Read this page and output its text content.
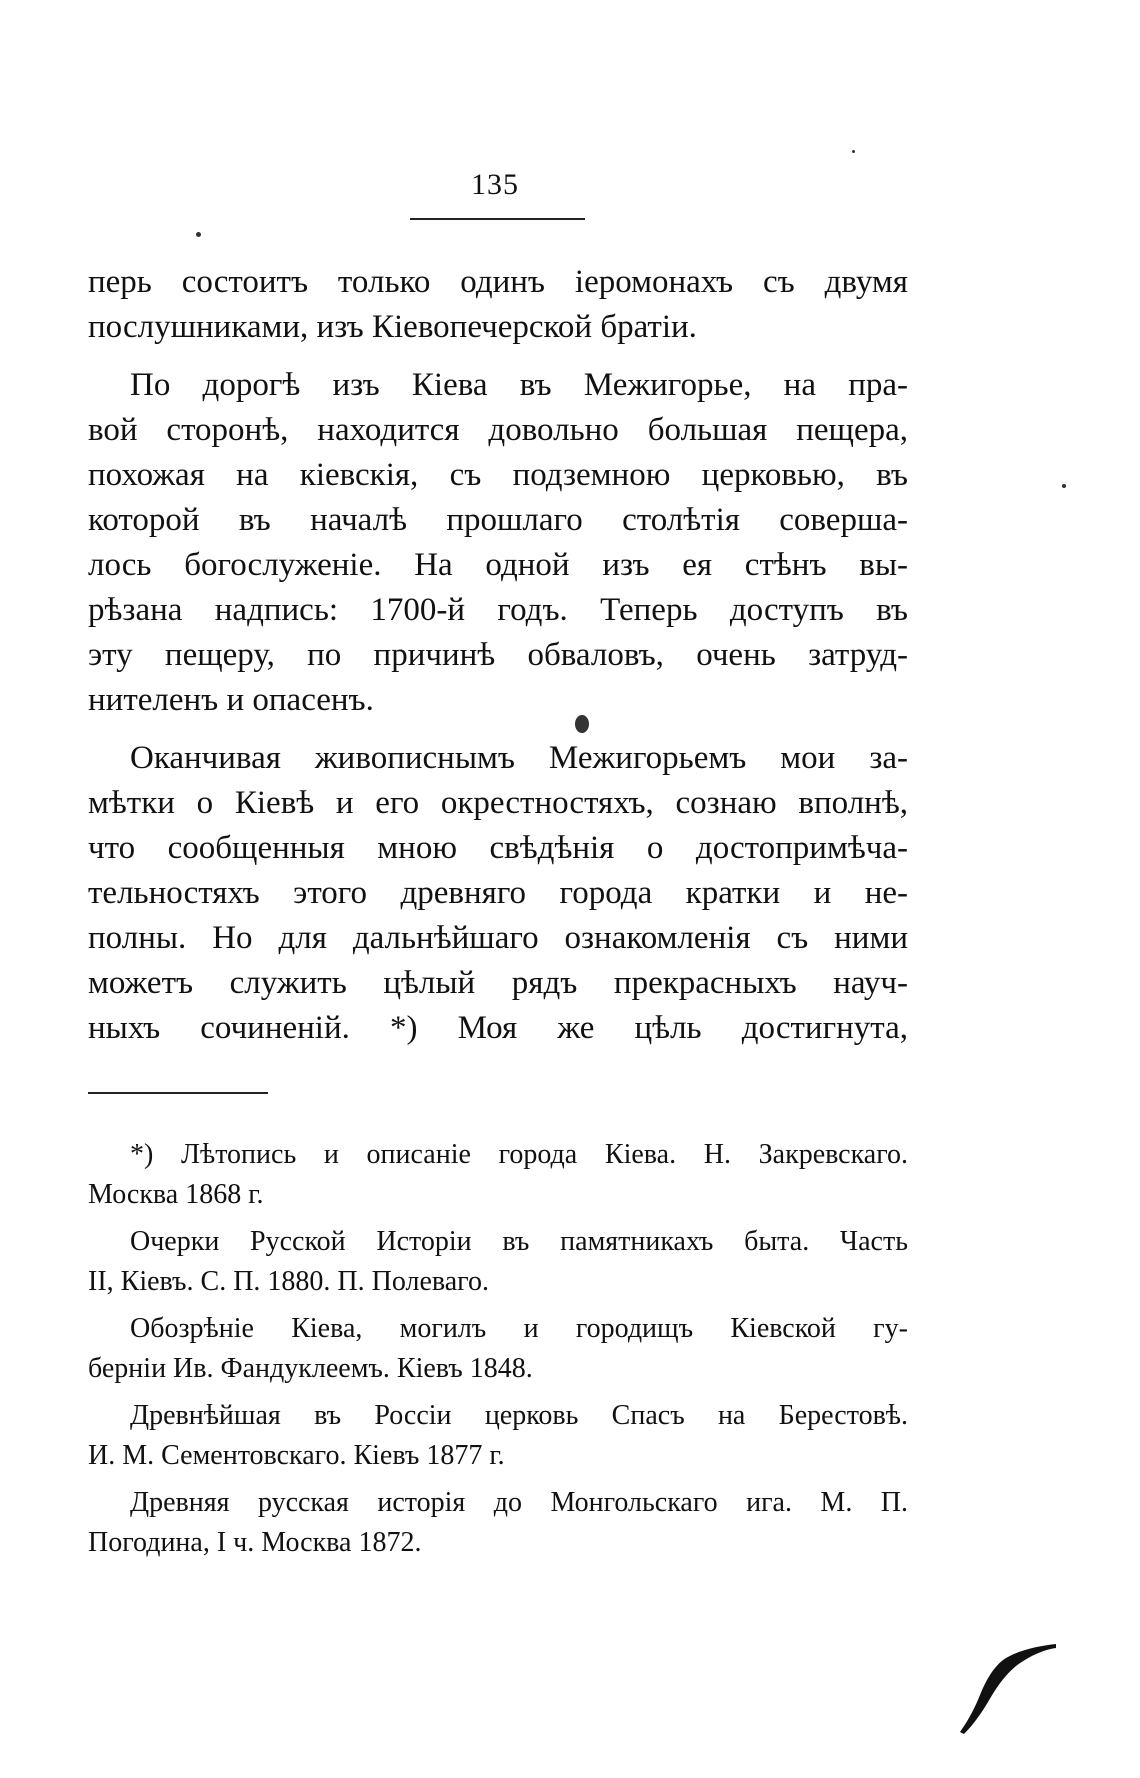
135
перь состоитъ только одинъ іеромонахъ съ двумя
послушниками, изъ Кіевопечерской братіи.
По дорогѣ изъ Кіева въ Межигорье, на пра-
вой сторонѣ, находится довольно большая пещера,
похожая на кіевскія, съ подземною церковью, въ
которой въ началѣ прошлаго столѣтія соверша-
лось богослуженіе. На одной изъ ея стѣнъ вы-
рѣзана надпись: 1700-й годъ. Теперь доступъ въ
эту пещеру, по причинѣ обваловъ, очень затруд-
нителенъ и опасенъ.
Оканчивая живописнымъ Межигорьемъ мои за-
мѣтки о Кіевѣ и его окрестностяхъ, сознаю вполнѣ,
что сообщенныя мною свѣдѣнія о достопримѣча-
тельностяхъ этого древняго города кратки и не-
полны. Но для дальнѣйшаго ознакомленія съ ними
можетъ служить цѣлый рядъ прекрасныхъ науч-
ныхъ сочиненій. *) Моя же цѣль достигнута,
*) Лѣтопись и описаніе города Кіева. Н. Закревскаго.
Москва 1868 г.
Очерки Русской Исторіи въ памятникахъ быта. Часть
II, Кіевъ. С. П. 1880. П. Полеваго.
Обозрѣніе Кіева, могилъ и городищъ Кіевской гу-
берніи Ив. Фандуклеемъ. Кіевъ 1848.
Древнѣйшая въ Россіи церковь Спасъ на Берестовѣ.
И. М. Сементовскаго. Кіевъ 1877 г.
Древняя русская исторія до Монгольскаго ига. М. П.
Погодина, I ч. Москва 1872.
